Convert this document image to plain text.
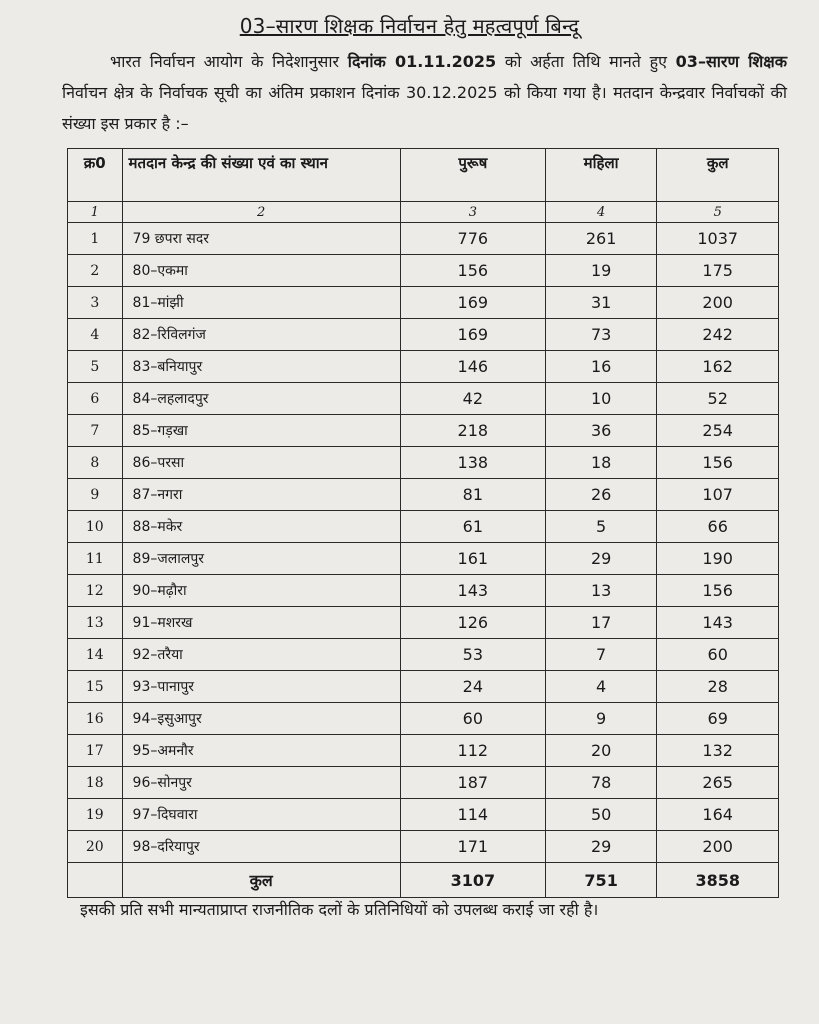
03–सारण शिक्षक निर्वाचन हेतु महत्वपूर्ण बिन्दू
भारत निर्वाचन आयोग के निदेशानुसार दिनांक 01.11.2025 को अर्हता तिथि मानते हुए 03–सारण शिक्षक निर्वाचन क्षेत्र के निर्वाचक सूची का अंतिम प्रकाशन दिनांक 30.12.2025 को किया गया है। मतदान केन्द्रवार निर्वाचकों की संख्या इस प्रकार है :–
क्र0	मतदान केन्द्र की संख्या एवं का स्थान	पुरूष	महिला	कुल
1	2	3	4	5
1	79 छपरा सदर	776	261	1037
2	80–एकमा	156	19	175
3	81–मांझी	169	31	200
4	82–रिविलगंज	169	73	242
5	83–बनियापुर	146	16	162
6	84–लहलादपुर	42	10	52
7	85–गड़खा	218	36	254
8	86–परसा	138	18	156
9	87–नगरा	81	26	107
10	88–मकेर	61	5	66
11	89–जलालपुर	161	29	190
12	90–मढ़ौरा	143	13	156
13	91–मशरख	126	17	143
14	92–तरैया	53	7	60
15	93–पानापुर	24	4	28
16	94–इसुआपुर	60	9	69
17	95–अमनौर	112	20	132
18	96–सोनपुर	187	78	265
19	97–दिघवारा	114	50	164
20	98–दरियापुर	171	29	200
	कुल	3107	751	3858
इसकी प्रति सभी मान्यताप्राप्त राजनीतिक दलों के प्रतिनिधियों को उपलब्ध कराई जा रही है।
